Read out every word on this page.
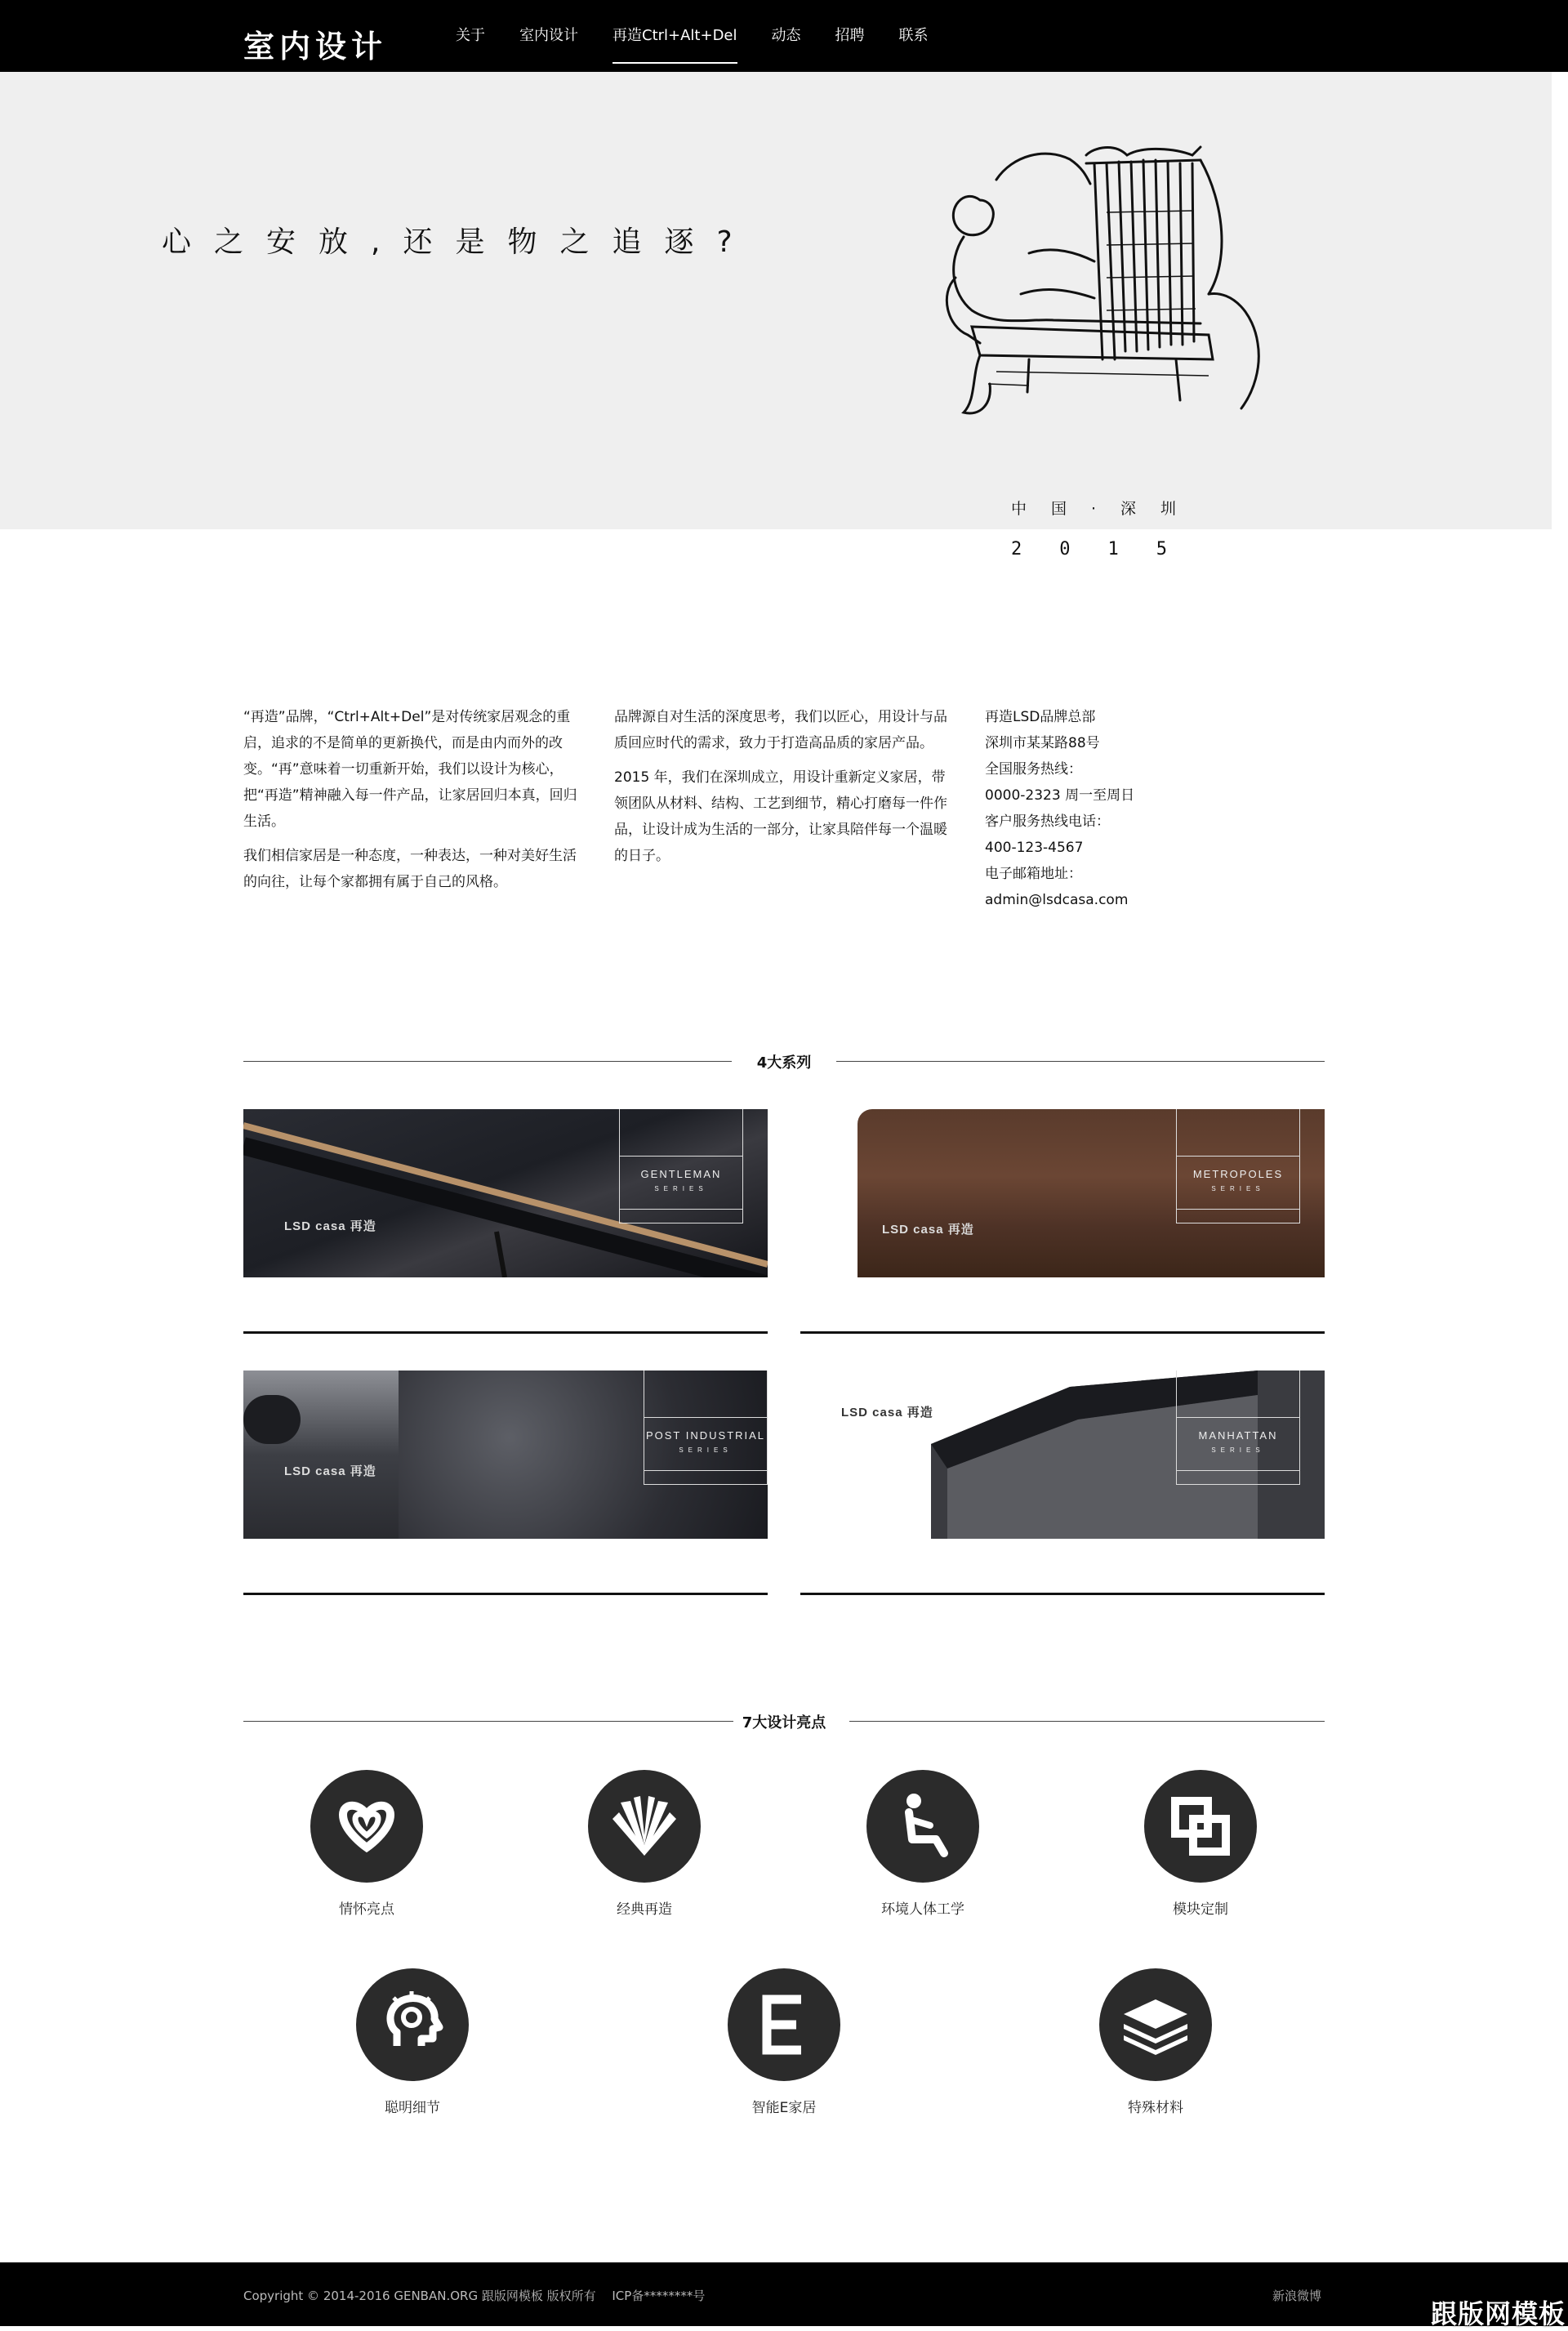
室内设计	关于 室内设计 再造Ctrl+Alt+Del 动态 招聘 联系
心之安放,还是物之追逐?
中国·深圳
2015

“再造”品牌，“Ctrl+Alt+Del”是对传统家居观念的重启，追求的不是简单的更新换代，而是由内而外的改变。“再”意味着一切重新开始，我们以设计为核心，把“再造”精神融入每一件产品，让家居回归本真，回归生活。

我们相信家居是一种态度，一种表达，一种对美好生活的向往，让每个家都拥有属于自己的风格。

品牌源自对生活的深度思考，我们以匠心，用设计与品质回应时代的需求，致力于打造高品质的家居产品。

2015 年，我们在深圳成立，用设计重新定义家居，带领团队从材料、结构、工艺到细节，精心打磨每一件作品，让设计成为生活的一部分，让家具陪伴每一个温暖的日子。

再造LSD品牌总部
深圳市某某路88号
全国服务热线：
0000-2323 周一至周日
客户服务热线电话：
400-123-4567
电子邮箱地址：
admin@lsdcasa.com
4大系列
LSD casa 再造
GENTLEMAN
SERIES
LSD casa 再造
METROPOLES
SERIES
LSD casa 再造
POST INDUSTRIAL
SERIES
LSD casa 再造
MANHATTAN
SERIES
7大设计亮点
情怀亮点	经典再造	环境人体工学	模块定制
聪明细节	智能E家居	特殊材料
Copyright © 2014-2016 GENBAN.ORG 跟版网模板 版权所有　 ICP备********号	新浪微博
跟版网模板
